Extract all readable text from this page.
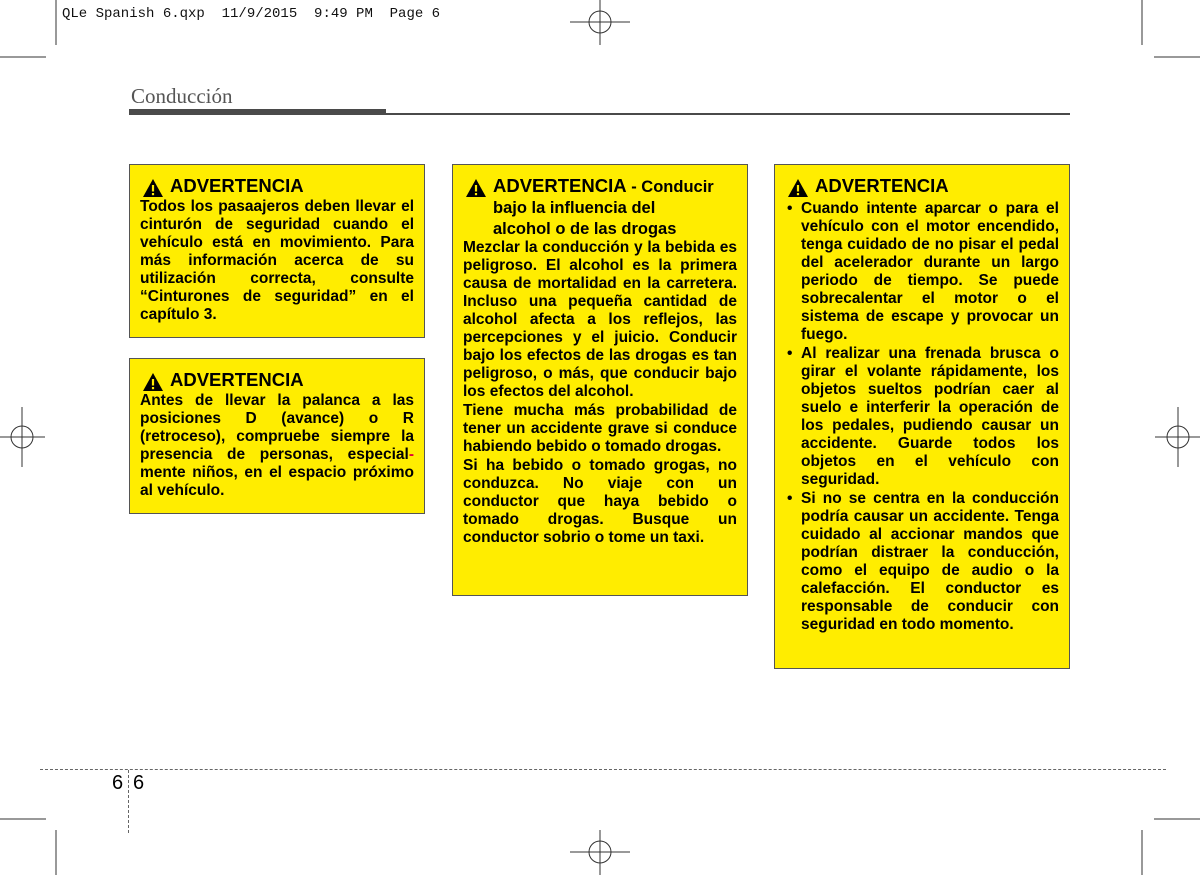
QLe Spanish 6.qxp  11/9/2015  9:49 PM  Page 6
Conducción
ADVERTENCIA

Todos los pasaajeros deben llevar el cinturón de seguridad cuando el vehículo está en movimiento. Para más información acerca de su utilización correcta, consulte “Cinturones de seguridad” en el capítulo 3.

ADVERTENCIA

Antes de llevar la palanca a las posiciones D (avance) o R (retroceso), compruebe siempre la presencia de personas, especial-mente niños, en el espacio próximo al vehículo.

ADVERTENCIA - Conducir
bajo la influencia del
alcohol o de las drogas

Mezclar la conducción y la bebida es peligroso. El alcohol es la primera causa de mortalidad en la carretera. Incluso una pequeña cantidad de alcohol afecta a los reflejos, las percepciones y el juicio. Conducir bajo los efectos de las drogas es tan peligroso, o más, que conducir bajo los efectos del alcohol.

Tiene mucha más probabilidad de tener un accidente grave si conduce habiendo bebido o tomado drogas.

Si ha bebido o tomado grogas, no conduzca. No viaje con un conductor que haya bebido o tomado drogas. Busque un conductor sobrio o tome un taxi.

ADVERTENCIA
• Cuando intente aparcar o para el vehículo con el motor encendido, tenga cuidado de no pisar el pedal del acelerador durante un largo periodo de tiempo. Se puede sobrecalentar el motor o el sistema de escape y provocar un fuego.
• Al realizar una frenada brusca o girar el volante rápidamente, los objetos sueltos podrían caer al suelo e interferir la operación de los pedales, pudiendo causar un accidente. Guarde todos los objetos en el vehículo con seguridad.
• Si no se centra en la conducción podría causar un accidente. Tenga cuidado al accionar mandos que podrían distraer la conducción, como el equipo de audio o la calefacción. El conductor es responsable de conducir con seguridad en todo momento.
6 6
